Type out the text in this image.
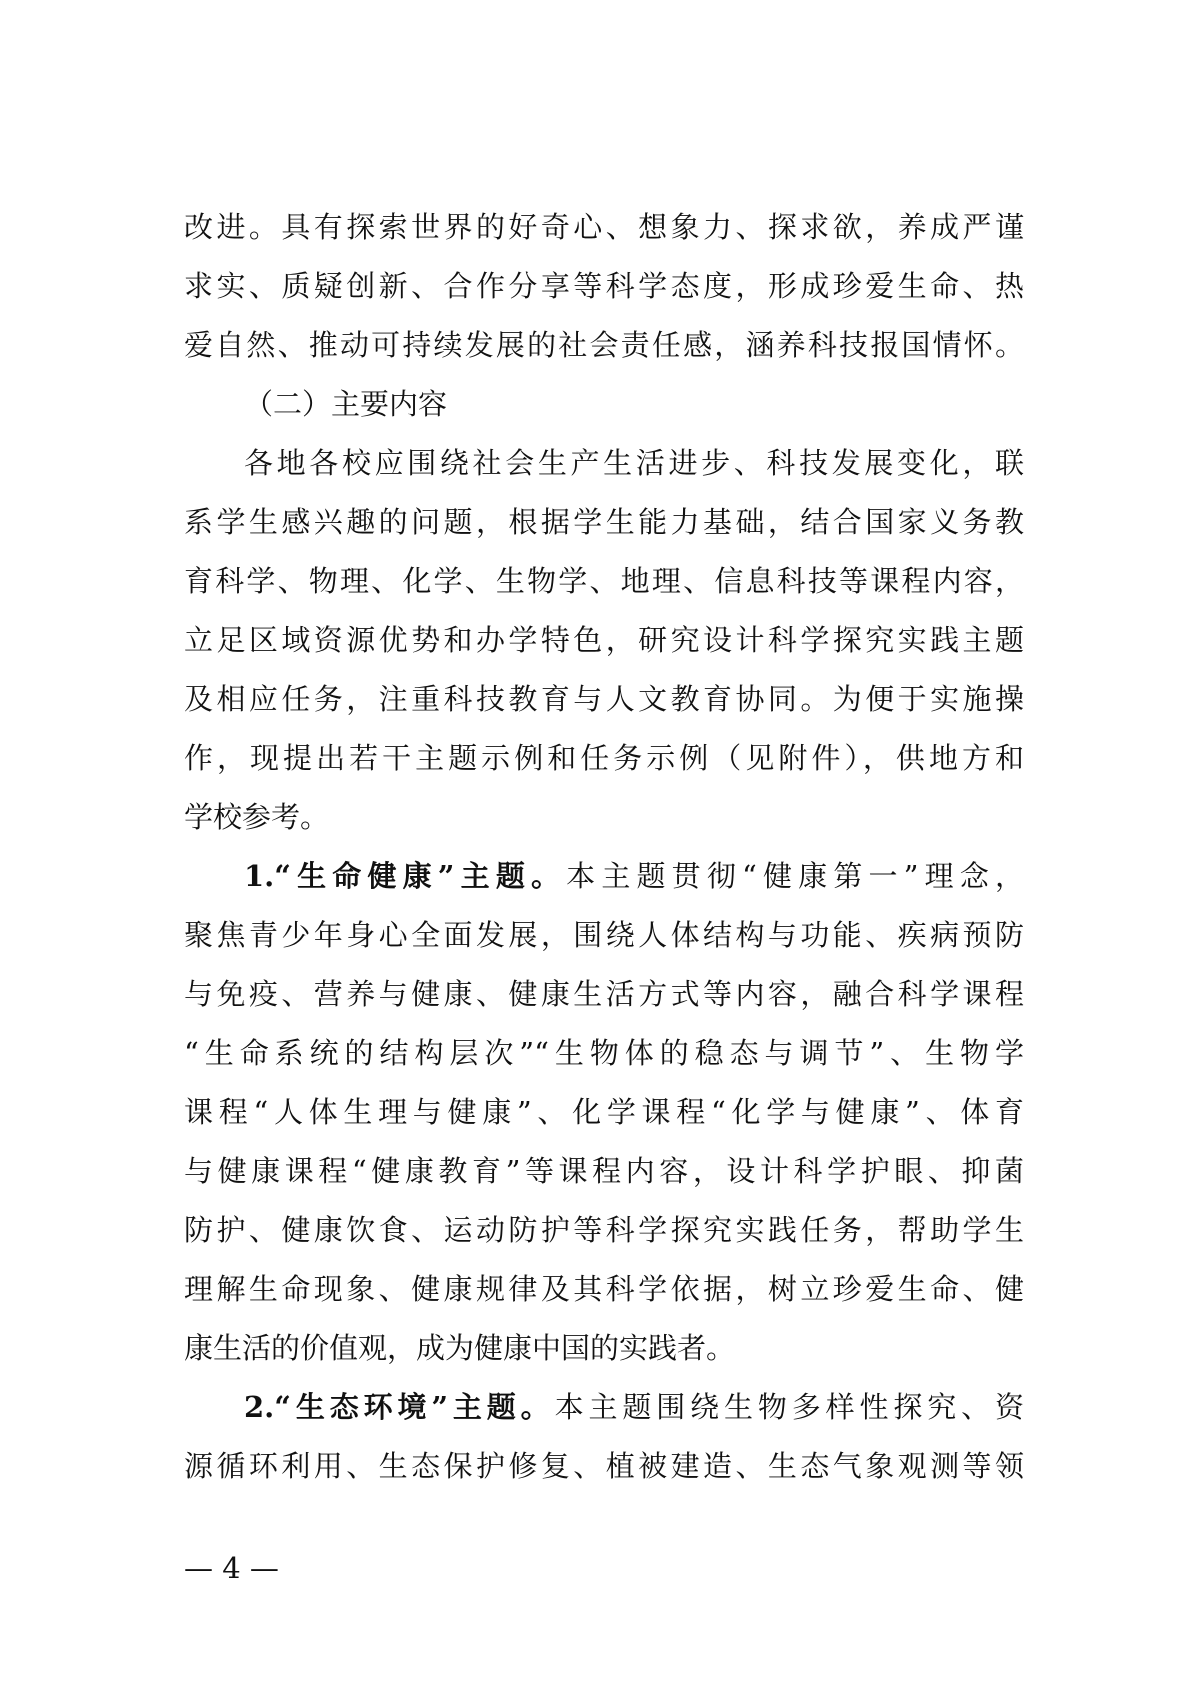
改进。具有探索世界的好奇心、想象力、探求欲，养成严谨
求实、质疑创新、合作分享等科学态度，形成珍爱生命、热
爱自然、推动可持续发展的社会责任感，涵养科技报国情怀。
（二）主要内容
各地各校应围绕社会生产生活进步、科技发展变化，联
系学生感兴趣的问题，根据学生能力基础，结合国家义务教
育科学、物理、化学、生物学、地理、信息科技等课程内容，
立足区域资源优势和办学特色，研究设计科学探究实践主题
及相应任务，注重科技教育与人文教育协同。为便于实施操
作，现提出若干主题示例和任务示例（见附件），供地方和
学校参考。
1.“生命健康”主题。本主题贯彻“健康第一”理念，
聚焦青少年身心全面发展，围绕人体结构与功能、疾病预防
与免疫、营养与健康、健康生活方式等内容，融合科学课程
“生命系统的结构层次”“生物体的稳态与调节”、生物学
课程“人体生理与健康”、化学课程“化学与健康”、体育
与健康课程“健康教育”等课程内容，设计科学护眼、抑菌
防护、健康饮食、运动防护等科学探究实践任务，帮助学生
理解生命现象、健康规律及其科学依据，树立珍爱生命、健
康生活的价值观，成为健康中国的实践者。
2.“生态环境”主题。本主题围绕生物多样性探究、资
源循环利用、生态保护修复、植被建造、生态气象观测等领
— 4 —
